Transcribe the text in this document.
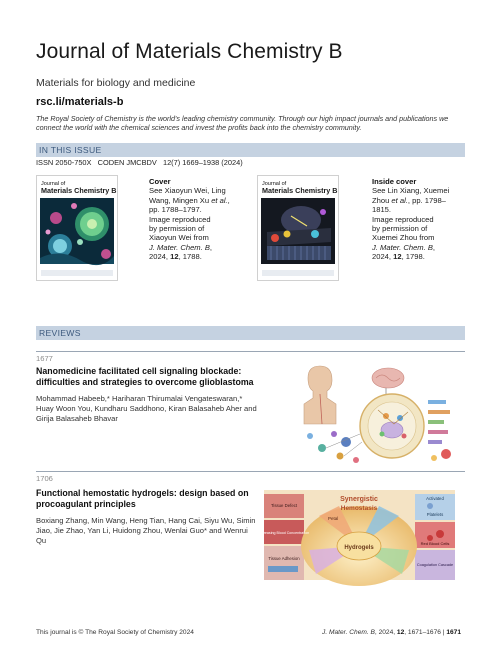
Journal of Materials Chemistry B
Materials for biology and medicine
rsc.li/materials-b
The Royal Society of Chemistry is the world's leading chemistry community. Through our high impact journals and publications we connect the world with the chemical sciences and invest the profits back into the chemistry community.
IN THIS ISSUE
ISSN 2050-750X CODEN JMCBDV 12(7) 1669–1938 (2024)
Journal of
Materials Chemistry B
Cover
See Xiaoyun Wei, Ling
Wang, Mingen Xu et al.,
pp. 1788–1797.
Image reproduced
by permission of
Xiaoyun Wei from
J. Mater. Chem. B,
2024, 12, 1788.
Journal of
Materials Chemistry B
Inside cover
See Lin Xiang, Xuemei
Zhou et al., pp. 1798–1815.
Image reproduced
by permission of
Xuemei Zhou from
J. Mater. Chem. B,
2024, 12, 1798.
REVIEWS
1677
Nanomedicine facilitated cell signaling blockade: difficulties and strategies to overcome glioblastoma
Mohammad Habeeb,* Hariharan Thirumalai Vengateswaran,* Huay Woon You, Kundharu Saddhono, Kiran Balasaheb Aher and Girija Balasaheb Bhavar
1706
Functional hemostatic hydrogels: design based on procoagulant principles
Boxiang Zhang, Min Wang, Heng Tian, Hang Cai, Siyu Wu, Simin Jiao, Jie Zhao, Yan Li, Huidong Zhou, Wenlai Guo* and Wenrui Qu
Synergistic
Hemostasis
Hydrogels
Petal
Tissue Defect
Increasing Blood Concentration
Tissue Adhesion
Activated
Platelets
Red Blood Cells
Coagulation Cascade
This journal is © The Royal Society of Chemistry 2024	J. Mater. Chem. B, 2024, 12, 1671–1676 | 1671
